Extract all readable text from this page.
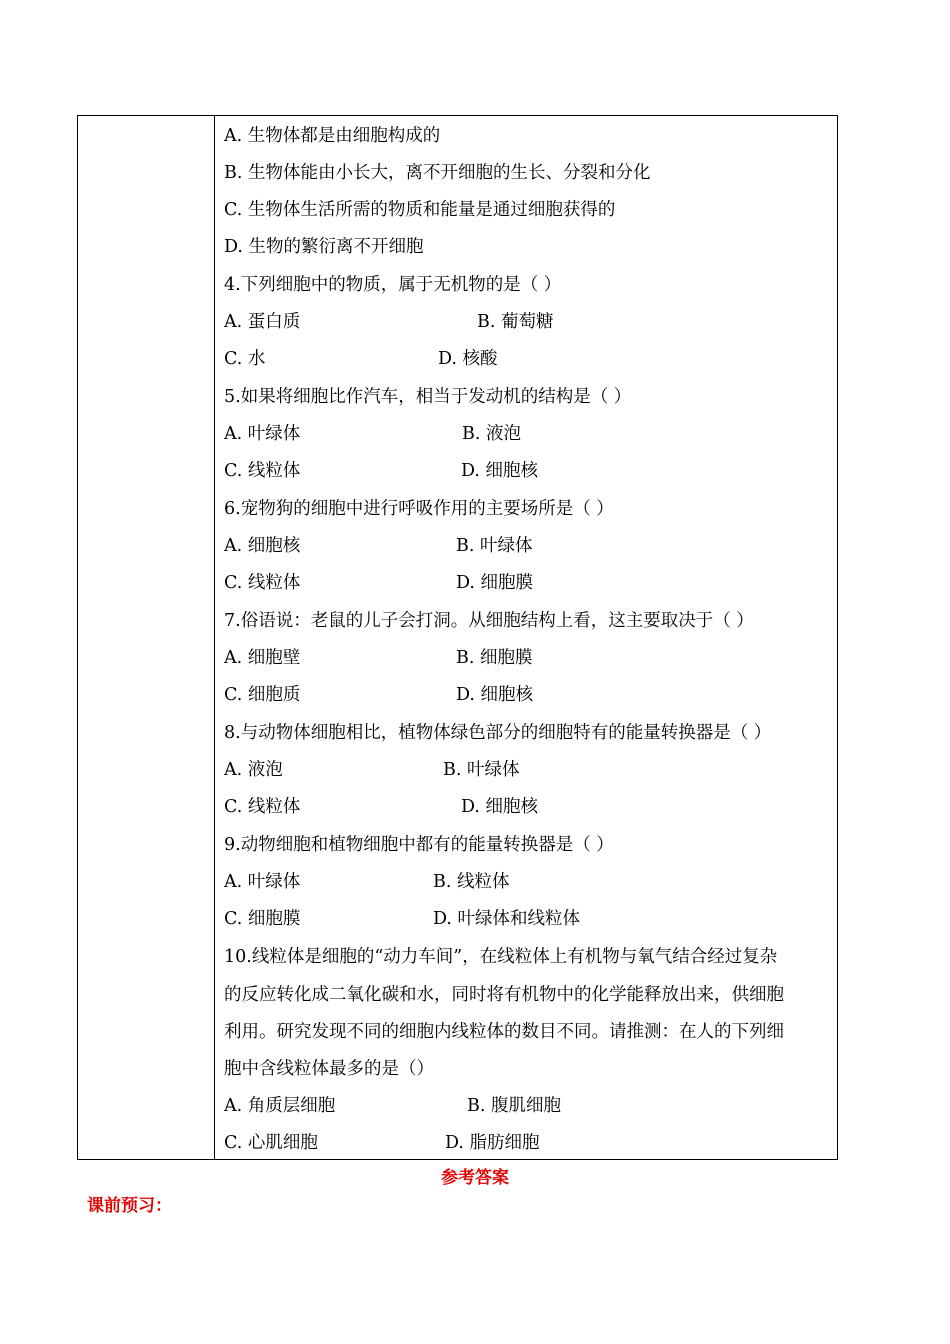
A. 生物体都是由细胞构成的
B. 生物体能由小长大，离不开细胞的生长、分裂和分化
C. 生物体生活所需的物质和能量是通过细胞获得的
D. 生物的繁衍离不开细胞
4.下列细胞中的物质，属于无机物的是（ ）
A. 蛋白质	B. 葡萄糖
C. 水	D. 核酸
5.如果将细胞比作汽车，相当于发动机的结构是（ ）
A. 叶绿体	B. 液泡
C. 线粒体	D. 细胞核
6.宠物狗的细胞中进行呼吸作用的主要场所是（ ）
A. 细胞核	B. 叶绿体
C. 线粒体	D. 细胞膜
7.俗语说：老鼠的儿子会打洞。从细胞结构上看，这主要取决于（ ）
A. 细胞壁	B. 细胞膜
C. 细胞质	D. 细胞核
8.与动物体细胞相比，植物体绿色部分的细胞特有的能量转换器是（ ）
A. 液泡	B. 叶绿体
C. 线粒体	D. 细胞核
9.动物细胞和植物细胞中都有的能量转换器是（ ）
A. 叶绿体	B. 线粒体
C. 细胞膜	D. 叶绿体和线粒体
10.线粒体是细胞的“动力车间”，在线粒体上有机物与氧气结合经过复杂
的反应转化成二氧化碳和水，同时将有机物中的化学能释放出来，供细胞
利用。研究发现不同的细胞内线粒体的数目不同。请推测：在人的下列细
胞中含线粒体最多的是（）
A. 角质层细胞	B. 腹肌细胞
C. 心肌细胞	D. 脂肪细胞
参考答案
课前预习：
